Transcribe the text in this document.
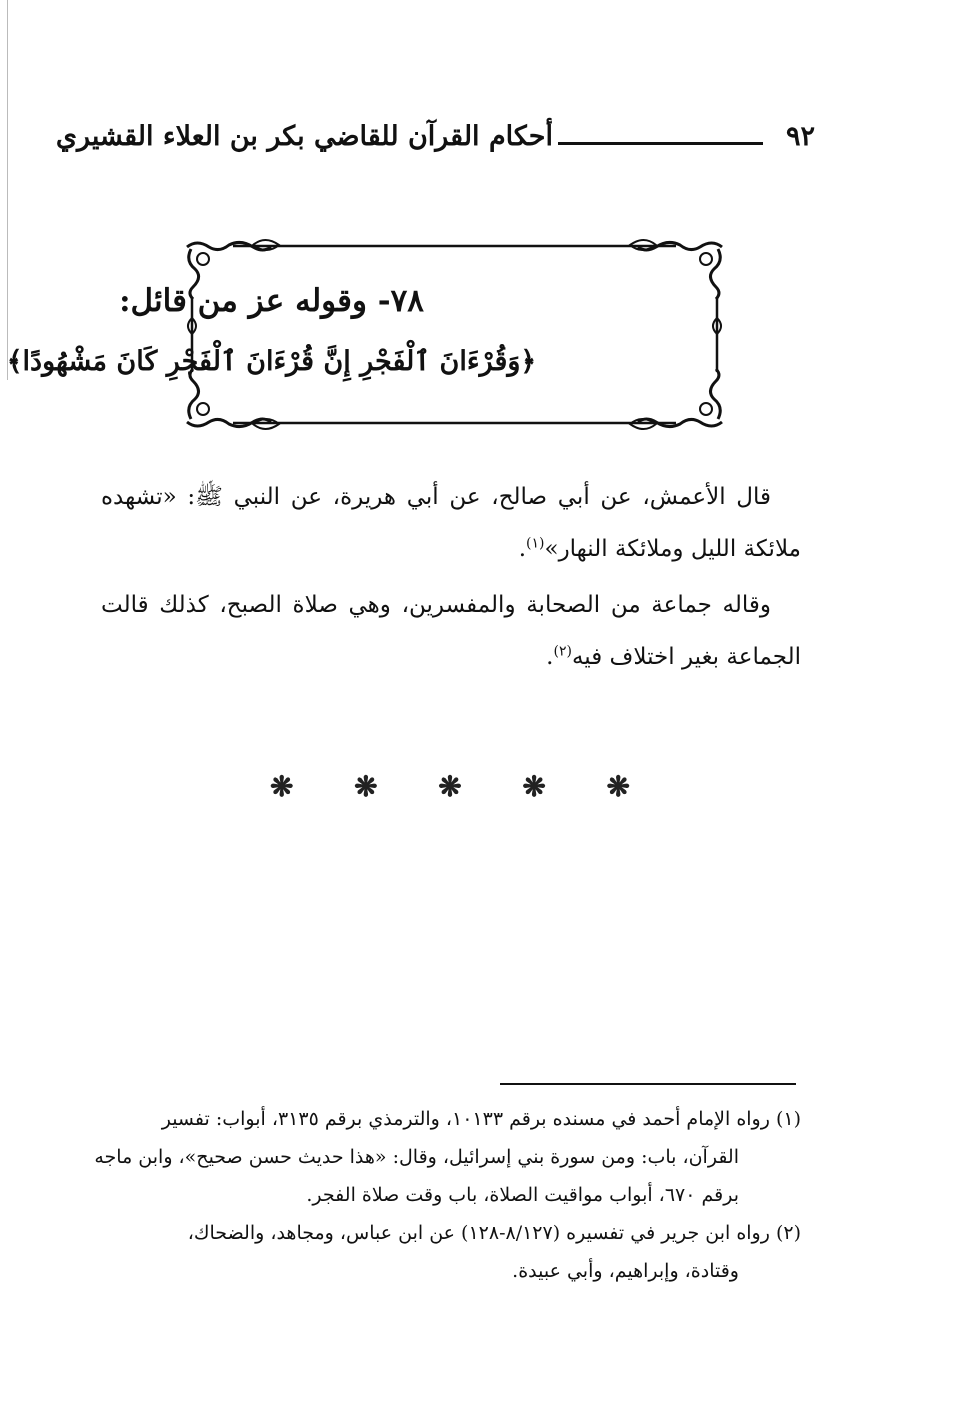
٩٢
أحكام القرآن للقاضي بكر بن العلاء القشيري
٧٨- وقوله عز من قائل:
﴿وَقُرْءَانَ ٱلْفَجْرِ إِنَّ قُرْءَانَ ٱلْفَجْرِ كَانَ مَشْهُودًا﴾
قال الأعمش، عن أبي صالح، عن أبي هريرة، عن النبي ﷺ: «تشهده ملائكة الليل وملائكة النهار»$^{(١)}$.
وقاله جماعة من الصحابة والمفسرين، وهي صلاة الصبح، كذلك قالت الجماعة بغير اختلاف فيه$^{(٢)}$.
❋ ❋ ❋ ❋ ❋

(١) رواه الإمام أحمد في مسنده برقم ١٠١٣٣، والترمذي برقم ٣١٣٥، أبواب: تفسير

القرآن، باب: ومن سورة بني إسرائيل، وقال: «هذا حديث حسن صحيح»، وابن ماجه

برقم ٦٧٠، أبواب مواقيت الصلاة، باب وقت صلاة الفجر.

(٢) رواه ابن جرير في تفسيره (٨/١٢٧-١٢٨) عن ابن عباس، ومجاهد، والضحاك،

وقتادة، وإبراهيم، وأبي عبيدة.
